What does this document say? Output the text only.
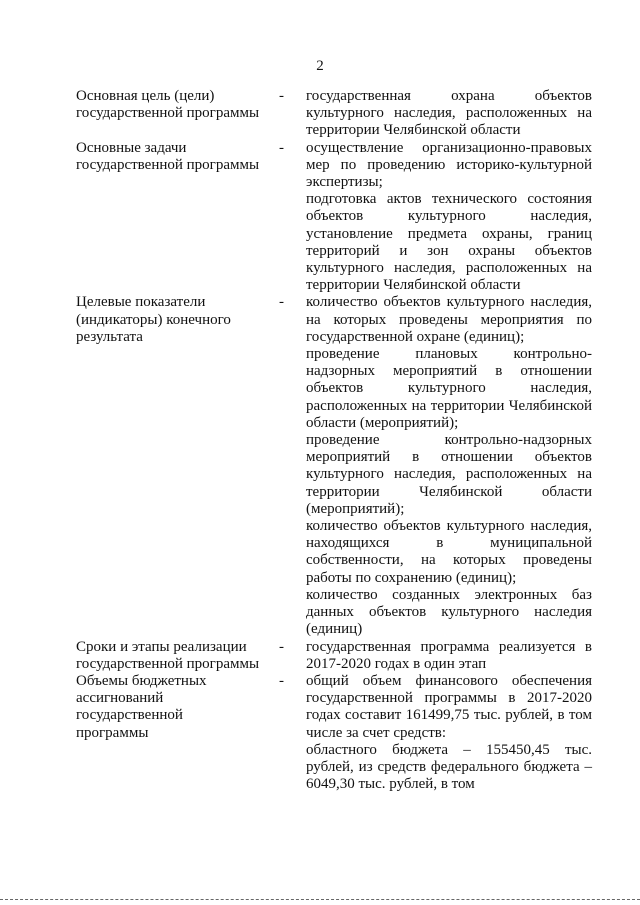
2

Основная цель (цели)

государственной программы

-	государственная охрана объектов культурного наследия, расположенных на территории Челябинской области

Основные задачи

государственной программы

-	осуществление организационно-правовых мер по проведению историко-культурной экспертизы;

подготовка актов технического состояния объектов культурного наследия, установление предмета охраны, границ территорий и зон охраны объектов культурного наследия, расположенных на территории Челябинской области

Целевые показатели

(индикаторы) конечного

результата

-	количество объектов культурного наследия, на которых проведены мероприятия по государственной охране (единиц);

проведение плановых контрольно-надзорных мероприятий в отношении объектов культурного наследия, расположенных на территории Челябинской области (мероприятий);

проведение контрольно-надзорных мероприятий в отношении объектов культурного наследия, расположенных на территории Челябинской области (мероприятий);

количество объектов культурного наследия, находящихся в муниципальной собственности, на которых проведены работы по сохранению (единиц);

количество созданных электронных баз данных объектов культурного наследия (единиц)

Сроки и этапы реализации

государственной программы

-	государственная программа реализуется в 2017-2020 годах в один этап

Объемы бюджетных

ассигнований

государственной

программы

-	общий объем финансового обеспечения государственной программы в 2017-2020 годах составит 161499,75 тыс. рублей, в том числе за счет средств:

областного бюджета – 155450,45 тыс. рублей, из средств федерального бюджета – 6049,30 тыс. рублей, в том
